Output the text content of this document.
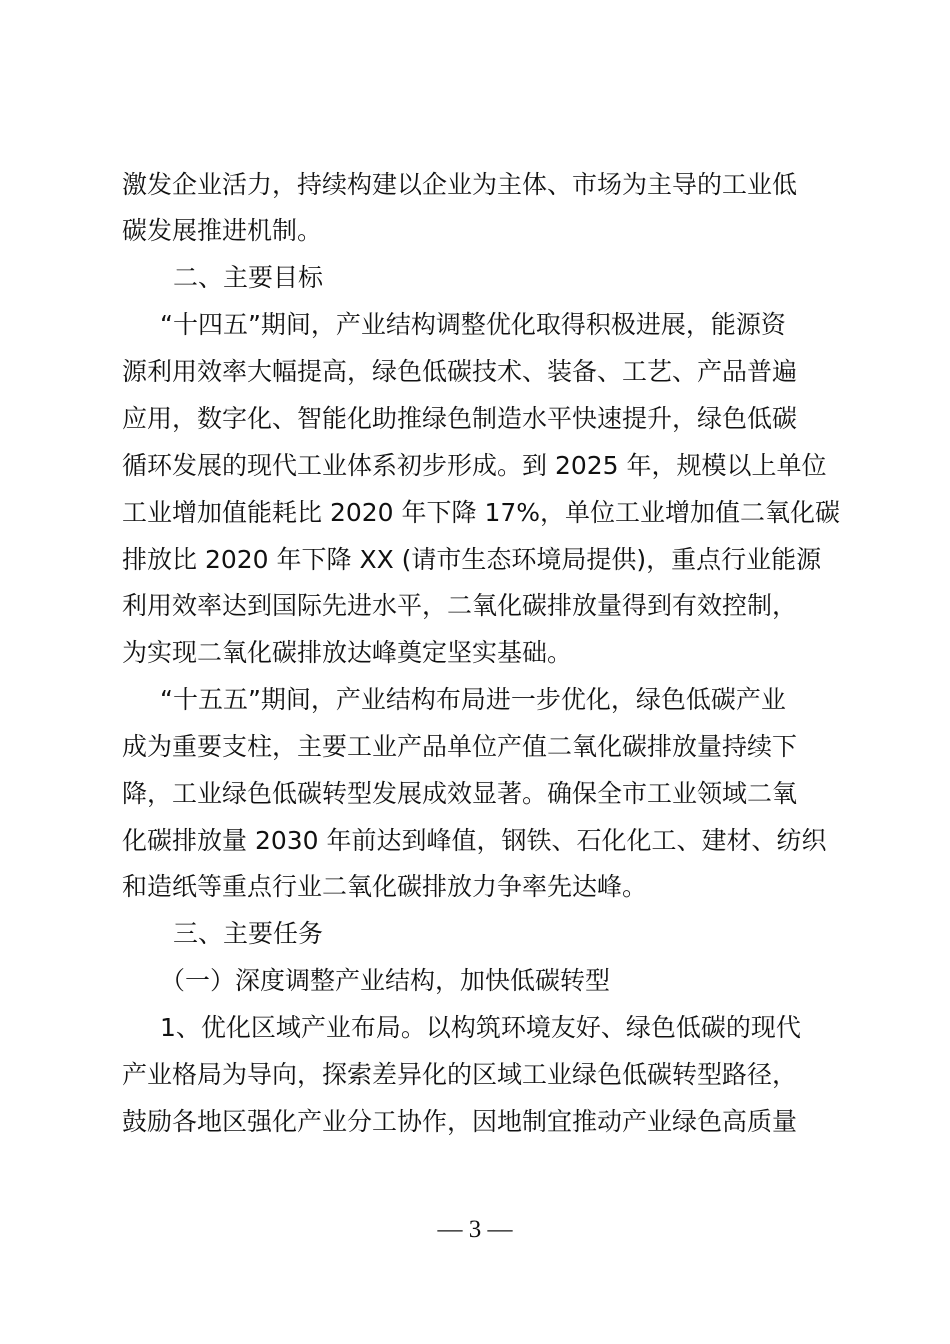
激发企业活力，持续构建以企业为主体、市场为主导的工业低
碳发展推进机制。
二、主要目标
“十四五”期间，产业结构调整优化取得积极进展，能源资
源利用效率大幅提高，绿色低碳技术、装备、工艺、产品普遍
应用，数字化、智能化助推绿色制造水平快速提升，绿色低碳
循环发展的现代工业体系初步形成。到 2025 年，规模以上单位
工业增加值能耗比 2020 年下降 17%，单位工业增加值二氧化碳
排放比 2020 年下降 XX (请市生态环境局提供)，重点行业能源
利用效率达到国际先进水平，二氧化碳排放量得到有效控制，
为实现二氧化碳排放达峰奠定坚实基础。
“十五五”期间，产业结构布局进一步优化，绿色低碳产业
成为重要支柱，主要工业产品单位产值二氧化碳排放量持续下
降，工业绿色低碳转型发展成效显著。确保全市工业领域二氧
化碳排放量 2030 年前达到峰值，钢铁、石化化工、建材、纺织
和造纸等重点行业二氧化碳排放力争率先达峰。
三、主要任务
（一）深度调整产业结构，加快低碳转型
1、优化区域产业布局。以构筑环境友好、绿色低碳的现代
产业格局为导向，探索差异化的区域工业绿色低碳转型路径，
鼓励各地区强化产业分工协作，因地制宜推动产业绿色高质量
— 3 —
